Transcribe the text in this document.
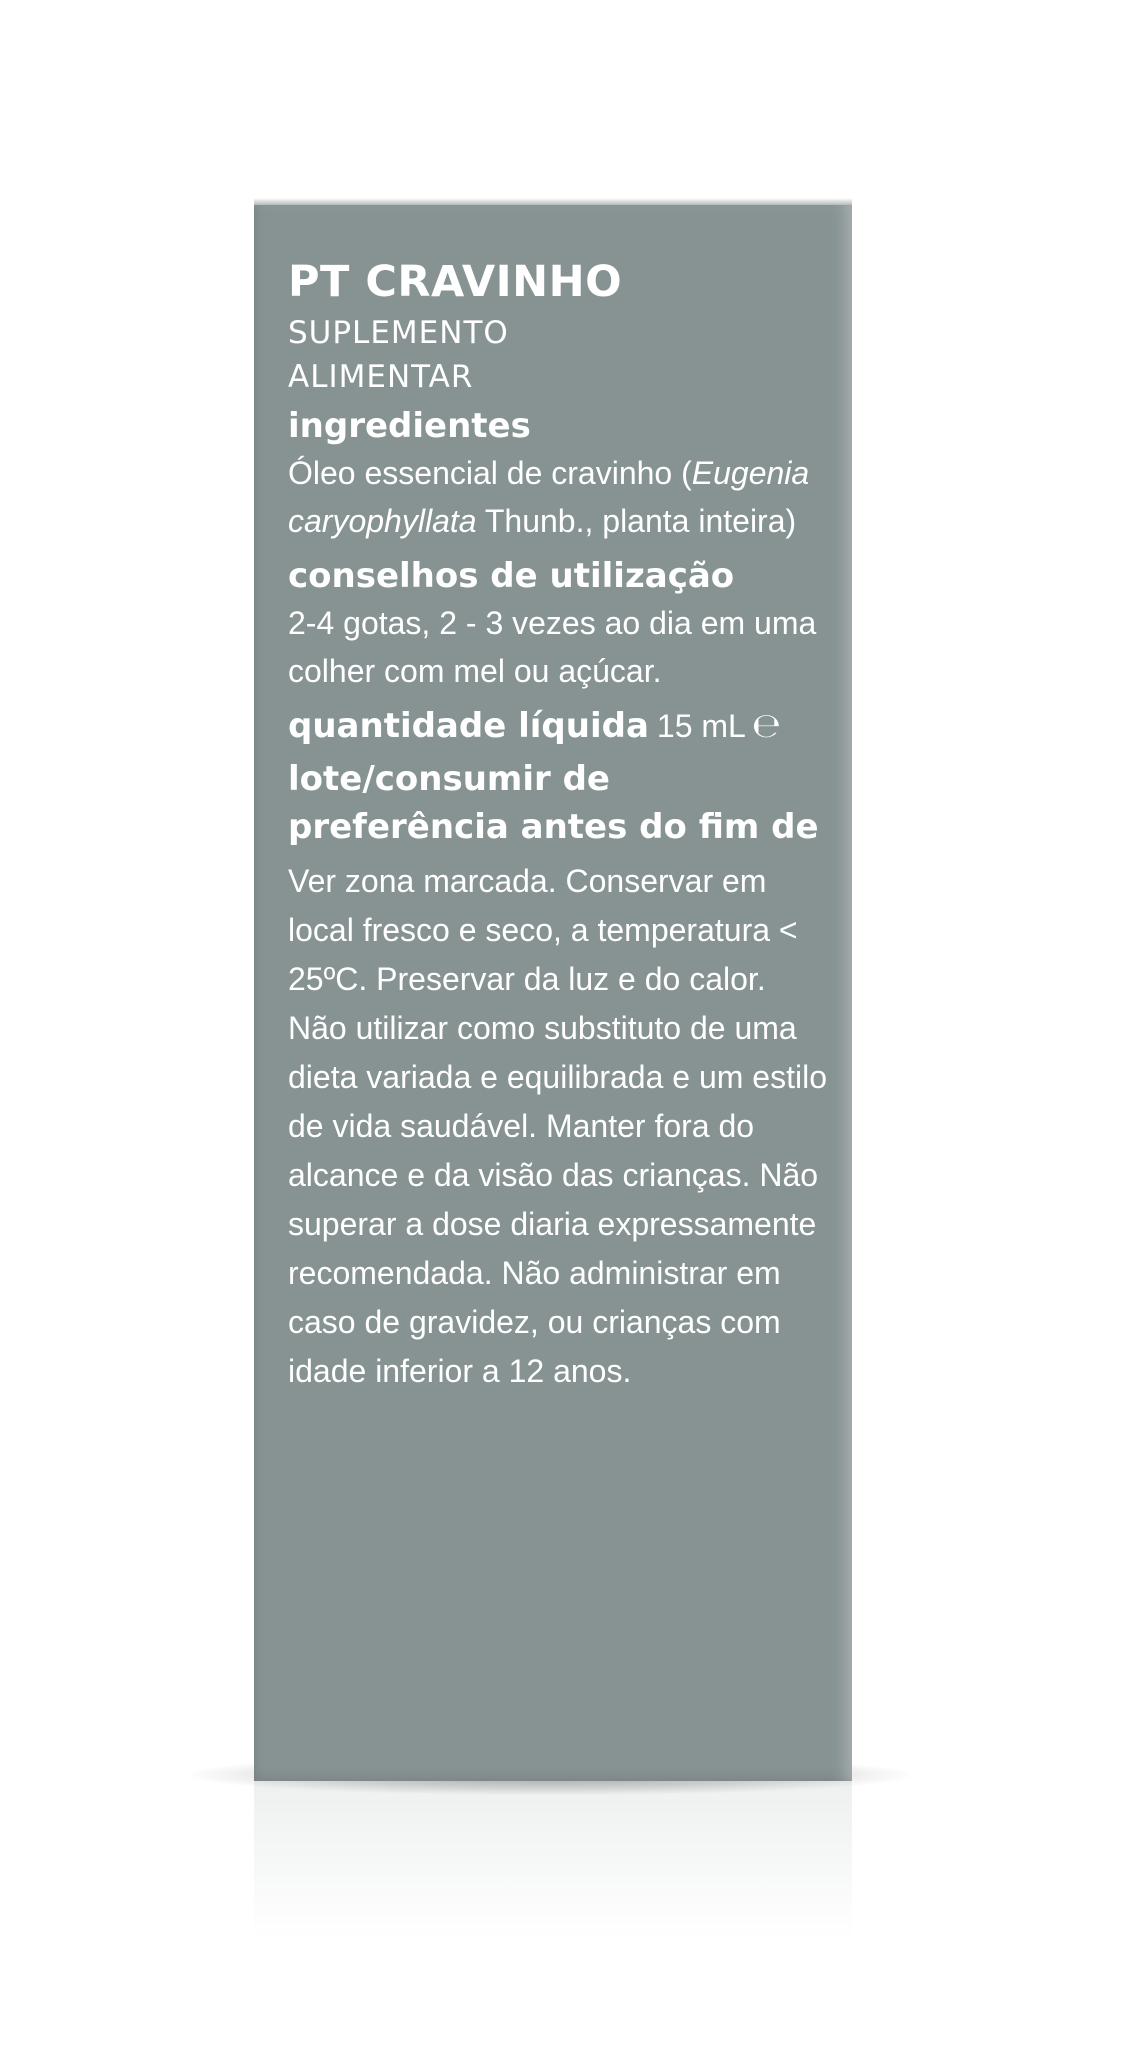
PT CRAVINHO
SUPLEMENTO
ALIMENTAR
ingredientes

Óleo essencial de cravinho (Eugenia caryophyllata Thunb., planta inteira)

conselhos de utilização

2-4 gotas, 2 - 3 vezes ao dia em uma colher com mel ou açúcar.

quantidade líquida 15 mL ℮
lote/consumir de preferência antes do fim de

Ver zona marcada. Conservar em local fresco e seco, a temperatura < 25ºC. Preservar da luz e do calor. Não utilizar como substituto de uma dieta variada e equilibrada e um estilo de vida saudável. Manter fora do alcance e da visão das crianças. Não superar a dose diaria expressamente recomendada. Não administrar em caso de gravidez, ou crianças com idade inferior a 12 anos.
